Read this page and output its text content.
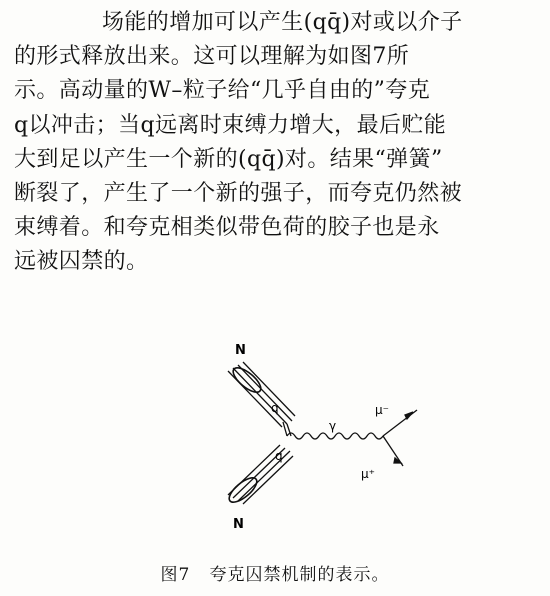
场能的增加可以产生(qq̄)对或以介子
的形式释放出来。这可以理解为如图7所
示。高动量的W–粒子给“几乎自由的”夸克
q以冲击；当q远离时束缚力增大，最后贮能
大到足以产生一个新的(qq̄)对。结果“弹簧”
断裂了，产生了一个新的强子，而夸克仍然被
束缚着。和夸克相类似带色荷的胶子也是永
远被囚禁的。
N
q
γ
μ⁻
q
μ⁺
N
图7   夸克囚禁机制的表示。
